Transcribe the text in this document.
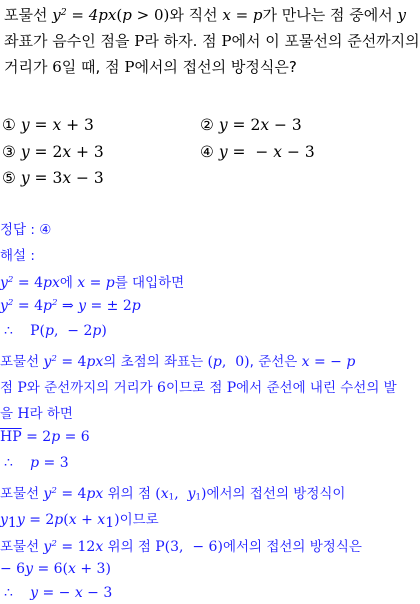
포물선 $y^2 = 4px(p > 0)$와 직선 x = p가 만나는 점 중에서 y
좌표가 음수인 점을 P라 하자. 점 P에서 이 포물선의 준선까지의
거리가 6일 때, 점 P에서의 접선의 방정식은?
① y = x + 3	② y = 2x − 3
③ y = 2x + 3	④ y =  − x − 3
⑤ y = 3x − 3
정답 : ④
해설 :
$y^2 = 4px$에 x = p를 대입하면
$y^2 = 4p^2$ ⇒ y = ± 2p
∴ P(p,  − 2p)
포물선 $y^2 = 4px$의 초점의 좌표는 (p,  0), 준선은 x = − p
점 P와 준선까지의 거리가 6이므로 점 P에서 준선에 내린 수선의 발
을 H라 하면
$\overline{HP} = 2p = 6$
∴ p = 3
포물선 $y^2 = 4px$ 위의 점 ($x_1$,  $y_1$)에서의 접선의 방정식이
$y_1y = 2p(x + x_1)$이므로
포물선 $y^2 = 12x$ 위의 점 P(3,  − 6)에서의 접선의 방정식은
− 6y = 6(x + 3)
∴ y = − x − 3
